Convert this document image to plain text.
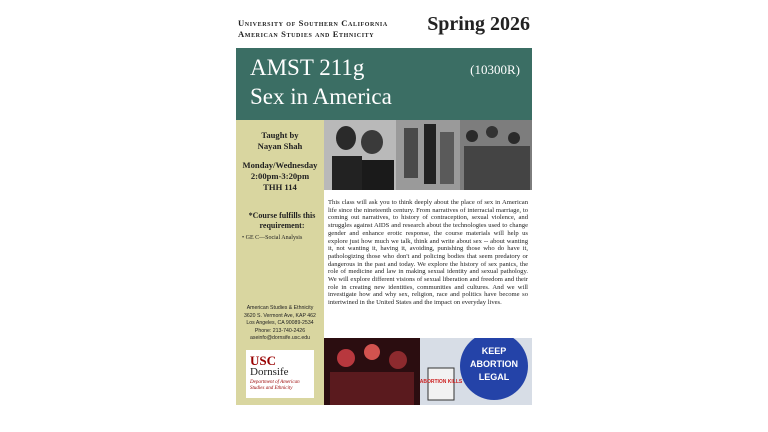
University of Southern California
American Studies and Ethnicity	Spring 2026
AMST 211g	(10300R)
Sex in America
Taught by
Nayan Shah
Monday/Wednesday
2:00pm-3:20pm
THH 114
*Course fulfills this requirement:
• GE C—Social Analysis
American Studies & Ethnicity
3620 S. Vermont Ave, KAP 462
Los Angeles, CA 90089-2534
Phone: 213-740-2426
aseinfo@dornsife.usc.edu
USC
Dornsife
Department of American Studies and Ethnicity
This class will ask you to think deeply about the place of sex in American life since the nineteenth century. From narratives of interracial marriage, to coming out narratives, to history of contraception, sexual violence, and struggles against AIDS and research about the technologies used to change gender and enhance erotic response, the course materials will help us explore just how much we talk, think and write about sex -- about wanting it, not wanting it, having it, avoiding, punishing those who do have it, pathologizing those who don't and policing bodies that seem predatory or dangerous in the past and today. We explore the history of sex panics, the role of medicine and law in making sexual identity and sexual pathology. We will explore different visions of sexual liberation and freedom and their role in creating new identities, communities and cultures. And we will investigate how and why sex, religion, race and politics have become so intertwined in the United States and the impact on everyday lives.
ABORTION KILLS
KEEP
ABORTION
LEGAL
